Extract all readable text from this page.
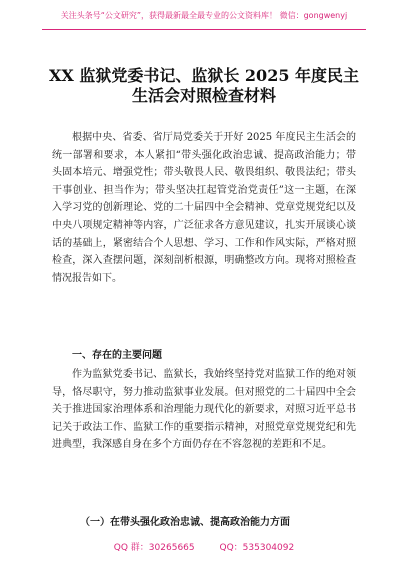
关注头条号“公文研究”，获得最新最全最专业的公文资料库！ 微信：gongwenyj
XX 监狱党委书记、监狱长 2025 年度民主
生活会对照检查材料

根据中央、省委、省厅局党委关于开好 2025 年度民主生活会的统一部署和要求，本人紧扣“带头强化政治忠诚、提高政治能力；带头固本培元、增强党性；带头敬畏人民、敬畏组织、敬畏法纪；带头干事创业、担当作为；带头坚决扛起管党治党责任”这一主题，在深入学习党的创新理论、党的二十届四中全会精神、党章党规党纪以及中央八项规定精神等内容，广泛征求各方意见建议，扎实开展谈心谈话的基础上，紧密结合个人思想、学习、工作和作风实际，严格对照检查，深入查摆问题，深刻剖析根源，明确整改方向。现将对照检查情况报告如下。

一、存在的主要问题

作为监狱党委书记、监狱长，我始终坚持党对监狱工作的绝对领导，恪尽职守，努力推动监狱事业发展。但对照党的二十届四中全会关于推进国家治理体系和治理能力现代化的新要求，对照习近平总书记关于政法工作、监狱工作的重要指示精神，对照党章党规党纪和先进典型，我深感自身在多个方面仍存在不容忽视的差距和不足。

（一）在带头强化政治忠诚、提高政治能力方面
QQ 群：30265665	QQ：535304092
